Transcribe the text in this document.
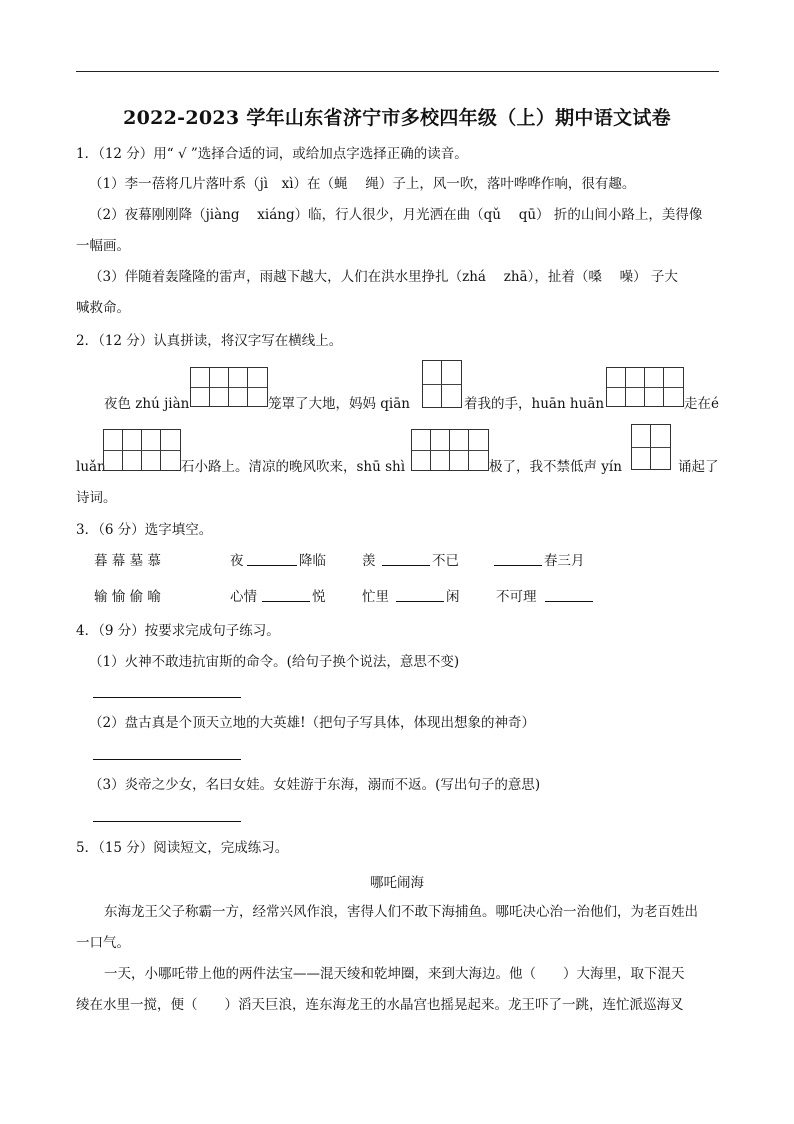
2022-2023 学年山东省济宁市多校四年级（上）期中语文试卷
1．（12 分）用“ √ ”选择合适的词，或给加点字选择正确的读音。
（1）李一蓓将几片落叶系（jì　xì）在（蝇　 绳）子上，风一吹，落叶哗哗作响，很有趣。
（2）夜幕刚刚降（jiàng　 xiáng）临，行人很少，月光洒在曲（qǔ　 qū） 折的山间小路上，美得像
一幅画。
（3）伴随着轰隆隆的雷声，雨越下越大，人们在洪水里挣扎（zhá　 zhā），扯着（嗓　 噪） 子大
喊救命。
2．（12 分）认真拼读，将汉字写在横线上。
夜色 zhú jiàn	笼罩了大地，妈妈 qiān	着我的手，huān huān	走在é
luǎn	石小路上。清凉的晚风吹来，shū shì	极了，我不禁低声 yín	诵起了
诗词。
3．（6 分）选字填空。
暮 幕 墓 慕	夜	降临	羡	不已	春三月
输 愉 偷 喻	心情	悦	忙里	闲	不可理
4．（9 分）按要求完成句子练习。
（1）火神不敢违抗宙斯的命令。(给句子换个说法，意思不变)
（2）盘古真是个顶天立地的大英雄!（把句子写具体，体现出想象的神奇）
（3）炎帝之少女，名曰女娃。女娃游于东海，溺而不返。(写出句子的意思)
5．（15 分）阅读短文，完成练习。
哪吒闹海
东海龙王父子称霸一方，经常兴风作浪，害得人们不敢下海捕鱼。哪吒决心治一治他们，为老百姓出
一口气。
一天，小哪吒带上他的两件法宝——混天绫和乾坤圈，来到大海边。他（　　）大海里，取下混天
绫在水里一搅，便（　　）滔天巨浪，连东海龙王的水晶宫也摇晃起来。龙王吓了一跳，连忙派巡海叉
